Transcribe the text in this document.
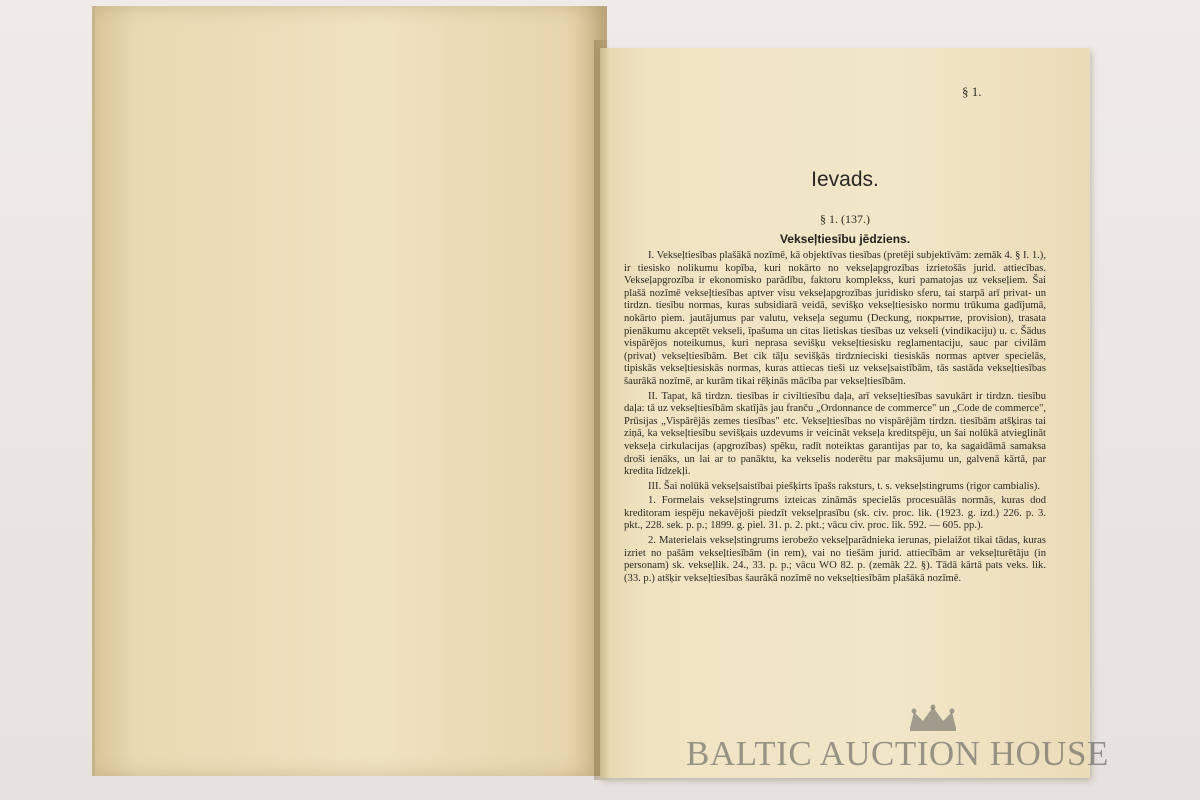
§ 1.
Ievads.
§ 1. (137.)
Vekseļtiesību jēdziens.

I. Vekseļtiesības plašākā nozīmē, kā objektīvas tiesības (pretēji subjektīvām: zemāk 4. § I. 1.), ir tiesisko nolikumu kopība, kuri nokārto no vekseļapgrozības izrietošās jurid. attiecības. Vekseļapgrozība ir ekonomisko parādību, faktoru komplekss, kuri pamatojas uz vekseļiem. Šai plašā nozīmē vekseļtiesības aptver visu vekseļapgrozības juridisko sferu, tai starpā arī privat- un tirdzn. tiesību normas, kuras subsidiarā veidā, sevišķo vekseļtiesisko normu trūkuma gadījumā, nokārto piem. jautājumus par valutu, vekseļa segumu (Deckung, покрытие, provision), trasata pienākumu akceptēt vekseli, īpašuma un citas lietiskas tiesības uz vekseli (vindikaciju) u. c. Šādus vispārējos noteikumus, kuri neprasa sevišķu vekseļtiesisku reglamentaciju, sauc par civilām (privat) vekseļtiesībām. Bet cik tāļu sevišķās tirdznieciski tiesiskās normas aptver specielās, tipiskās vekseļtiesiskās normas, kuras attiecas tieši uz vekseļsaistībām, tās sastāda vekseļtiesības šaurākā nozīmē, ar kurām tikai rēķinās mācība par vekseļtiesībām.

II. Tapat, kā tirdzn. tiesības ir civiltiesību daļa, arī vekseļtiesības savukārt ir tirdzn. tiesību daļa: tā uz vekseļtiesībām skatījās jau franču „Ordonnance de commerce" un „Code de commerce", Prūsijas „Vispārējās zemes tiesības" etc. Vekseļtiesības no vispārējām tirdzn. tiesībām atšķiras tai ziņā, ka vekseļtiesību sevišķais uzdevums ir veicināt vekseļa kreditspēju, un šai nolūkā atvieglināt vekseļa cirkulacijas (apgrozības) spēku, radīt noteiktas garantijas par to, ka sagaidāmā samaksa droši ienāks, un lai ar to panāktu, ka vekselis noderētu par maksājumu un, galvenā kārtā, par kredita līdzekļi.

III. Šai nolūkā vekseļsaistībai piešķirts īpašs raksturs, t. s. vekseļstingrums (rigor cambialis).

1. Formelais vekseļstingrums izteicas zināmās specielās procesuālās normās, kuras dod kreditoram iespēju nekavējoši piedzīt vekseļprasību (sk. civ. proc. lik. (1923. g. izd.) 226. p. 3. pkt., 228. sek. p. p.; 1899. g. piel. 31. p. 2. pkt.; vācu civ. proc. lik. 592. — 605. pp.).

2. Materielais vekseļstingrums ierobežo vekseļparādnieka ierunas, pielaižot tikai tādas, kuras izriet no pašām vekseļtiesībām (in rem), vai no tiešām jurid. attiecībām ar vekseļturētāju (in personam) sk. vekseļlik. 24., 33. p. p.; vācu WO 82. p. (zemāk 22. §). Tādā kārtā pats veks. lik. (33. p.) atšķir vekseļtiesības šaurākā nozīmē no vekseļtiesībām plašākā nozīmē.

BALTIC AUCTION HOUSE
